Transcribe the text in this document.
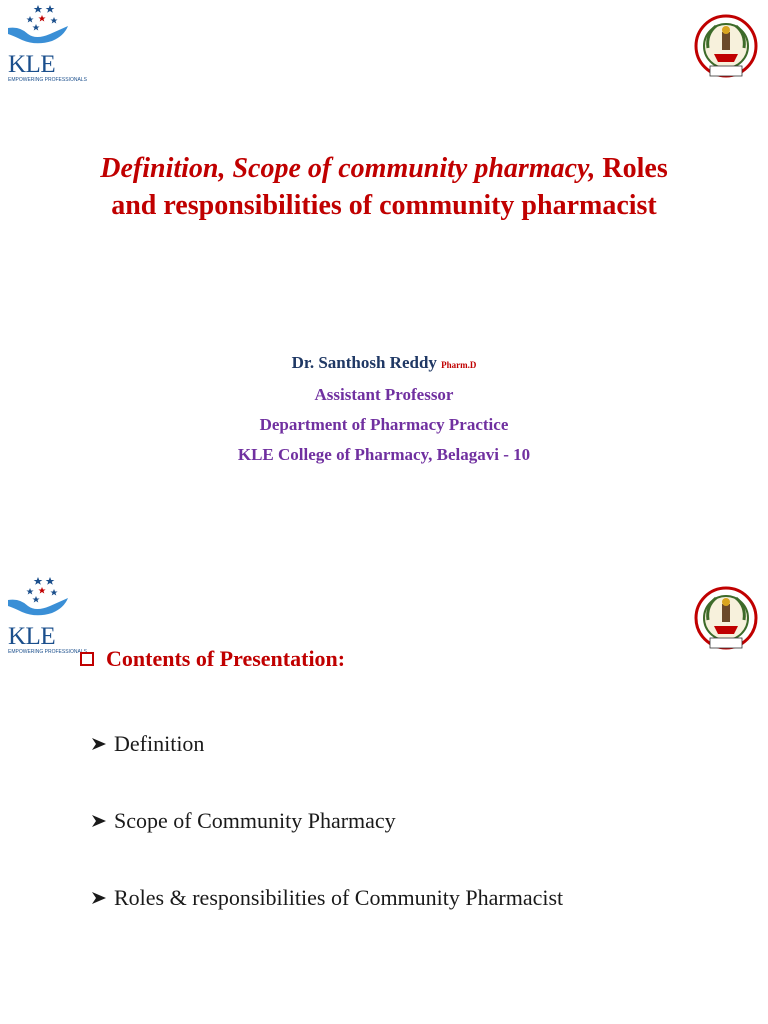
KLE
EMPOWERING PROFESSIONALS
Definition, Scope of community pharmacy, Roles
and responsibilities of community pharmacist
Dr. Santhosh Reddy Pharm.D
Assistant Professor
Department of Pharmacy Practice
KLE College of Pharmacy, Belagavi - 10
KLE
EMPOWERING PROFESSIONALS Contents of Presentation:
Definition
Scope of Community Pharmacy
Roles & responsibilities of Community Pharmacist
